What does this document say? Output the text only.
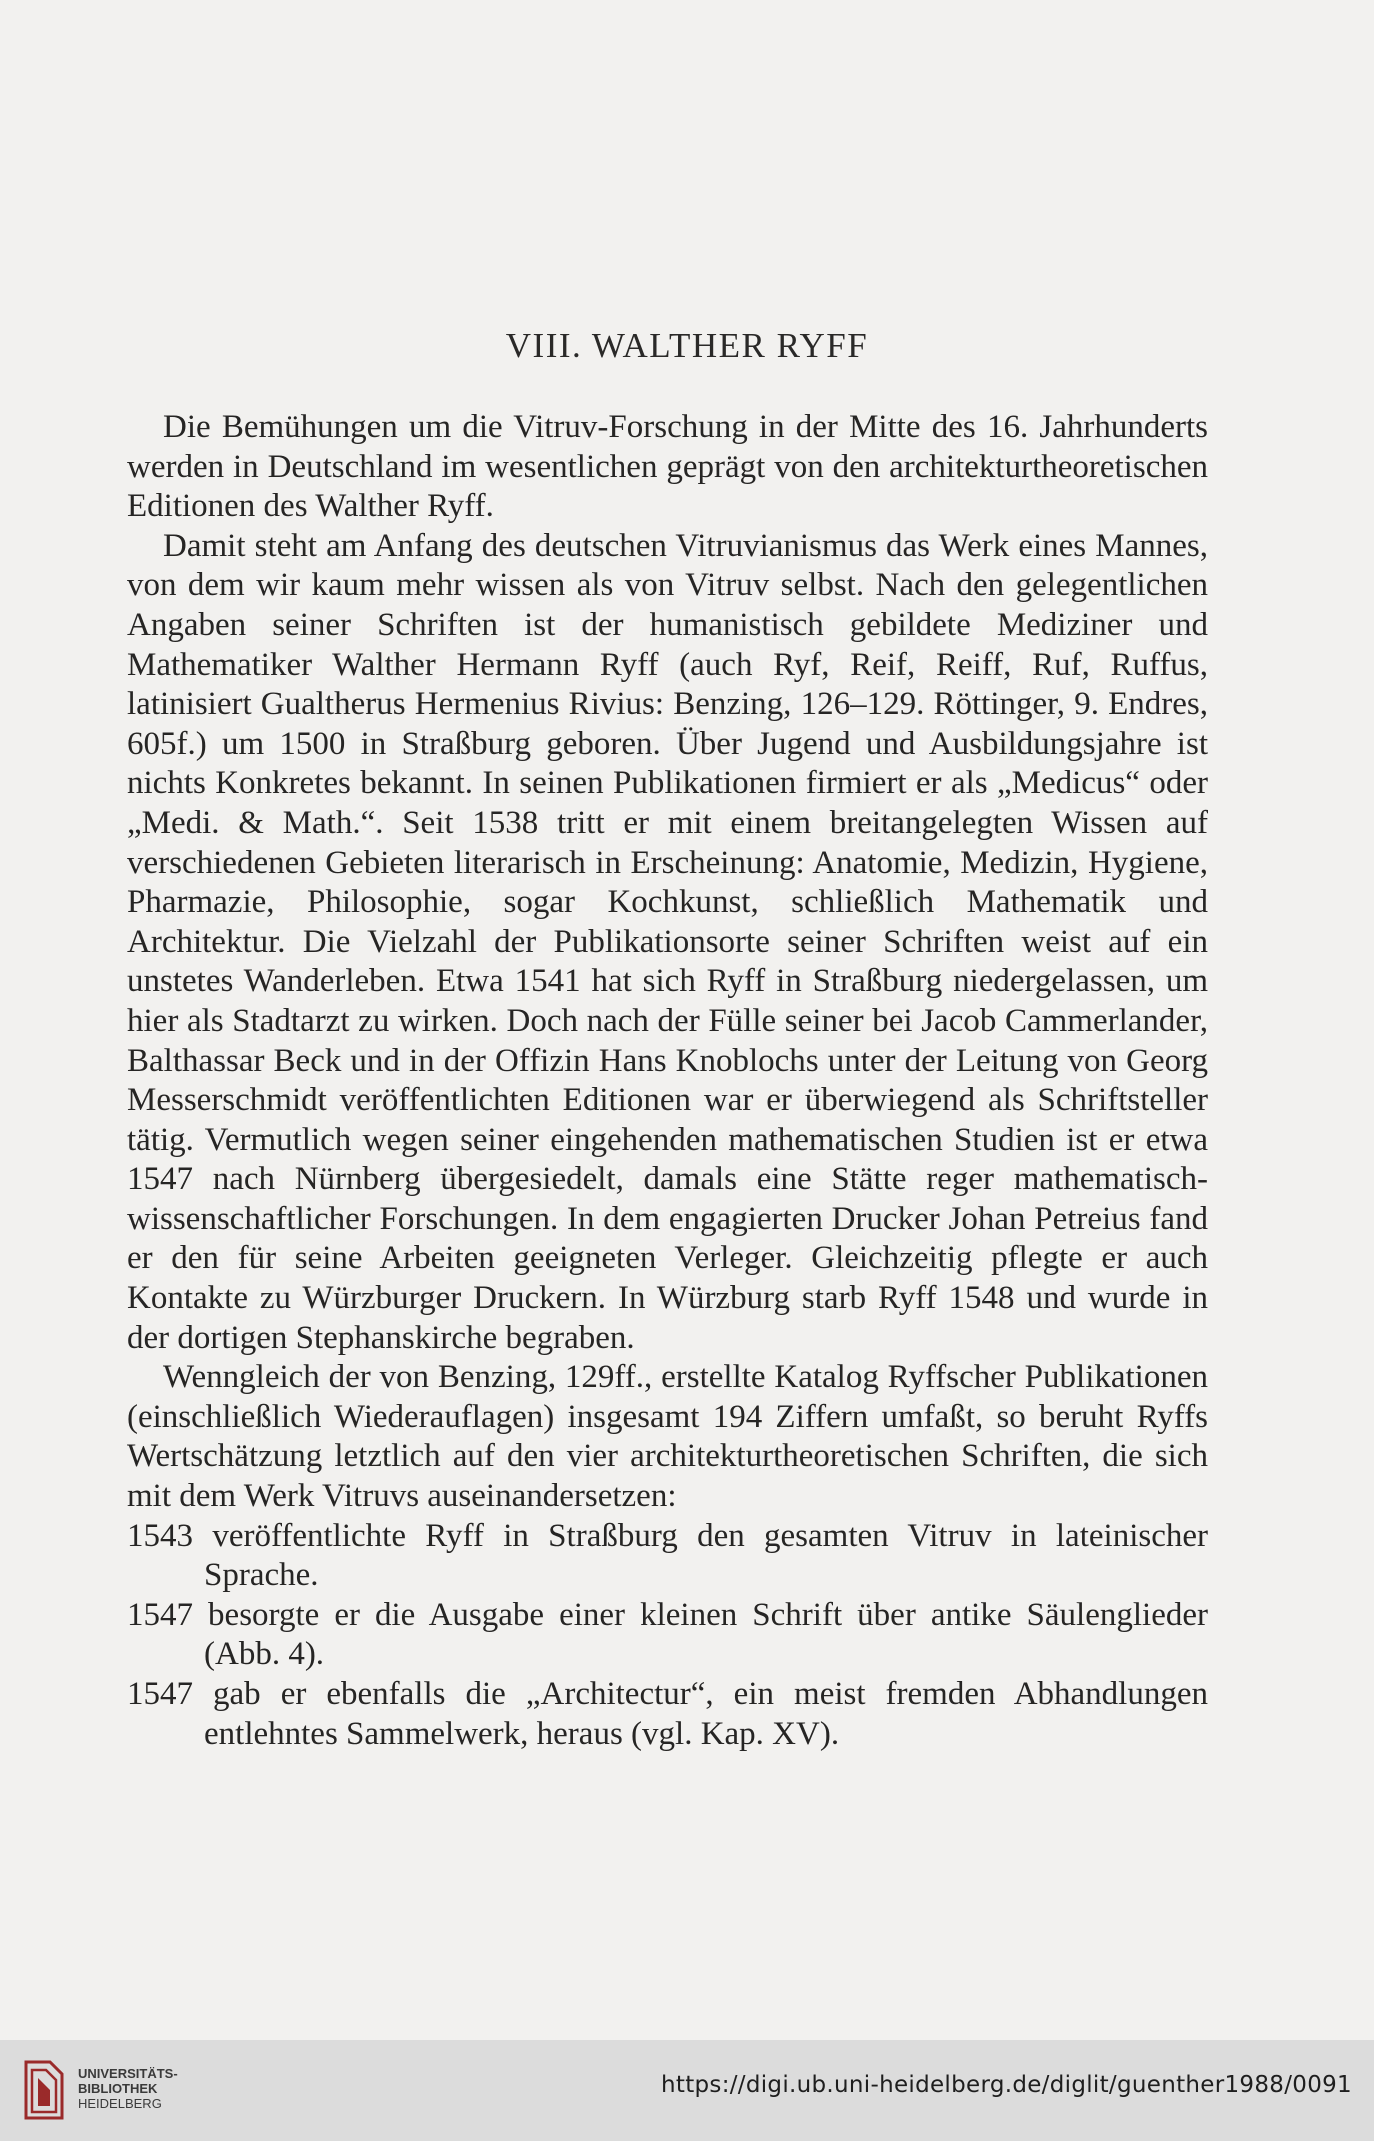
VIII. WALTHER RYFF

Die Bemühungen um die Vitruv-Forschung in der Mitte des 16. Jahrhunderts werden in Deutschland im wesentlichen geprägt von den architekturtheoretischen Editionen des Walther Ryff.

Damit steht am Anfang des deutschen Vitruvianismus das Werk eines Mannes, von dem wir kaum mehr wissen als von Vitruv selbst. Nach den gelegentlichen Angaben seiner Schriften ist der humanistisch gebildete Mediziner und Mathematiker Walther Hermann Ryff (auch Ryf, Reif, Reiff, Ruf, Ruffus, latinisiert Gualtherus Hermenius Rivius: Benzing, 126–129. Röttinger, 9. Endres, 605f.) um 1500 in Straßburg geboren. Über Jugend und Ausbildungsjahre ist nichts Konkretes bekannt. In seinen Publikationen firmiert er als „Medicus“ oder „Medi. & Math.“. Seit 1538 tritt er mit einem breitangelegten Wissen auf verschiedenen Gebieten literarisch in Erscheinung: Anatomie, Medizin, Hygiene, Pharmazie, Philosophie, sogar Kochkunst, schließlich Mathematik und Architektur. Die Vielzahl der Publikationsorte seiner Schriften weist auf ein unstetes Wanderleben. Etwa 1541 hat sich Ryff in Straßburg niedergelassen, um hier als Stadtarzt zu wirken. Doch nach der Fülle seiner bei Jacob Cammerlander, Balthassar Beck und in der Offizin Hans Knoblochs unter der Leitung von Georg Messerschmidt veröffentlichten Editionen war er überwiegend als Schriftsteller tätig. Vermutlich wegen seiner eingehenden mathematischen Studien ist er etwa 1547 nach Nürnberg übergesiedelt, damals eine Stätte reger mathematisch-wissenschaftlicher Forschungen. In dem engagierten Drucker Johan Petreius fand er den für seine Arbeiten geeigneten Verleger. Gleichzeitig pflegte er auch Kontakte zu Würzburger Druckern. In Würzburg starb Ryff 1548 und wurde in der dortigen Stephanskirche begraben.

Wenngleich der von Benzing, 129ff., erstellte Katalog Ryffscher Publikationen (einschließlich Wiederauflagen) insgesamt 194 Ziffern umfaßt, so beruht Ryffs Wertschätzung letztlich auf den vier architekturtheoretischen Schriften, die sich mit dem Werk Vitruvs auseinandersetzen:

1543 veröffentlichte Ryff in Straßburg den gesamten Vitruv in lateinischer Sprache.

1547 besorgte er die Ausgabe einer kleinen Schrift über antike Säulenglieder (Abb. 4).

1547 gab er ebenfalls die „Architectur“, ein meist fremden Abhandlungen entlehntes Sammelwerk, heraus (vgl. Kap. XV).

UNIVERSITÄTS-
BIBLIOTHEK
HEIDELBERG
https://digi.ub.uni-heidelberg.de/diglit/guenther1988/0091
